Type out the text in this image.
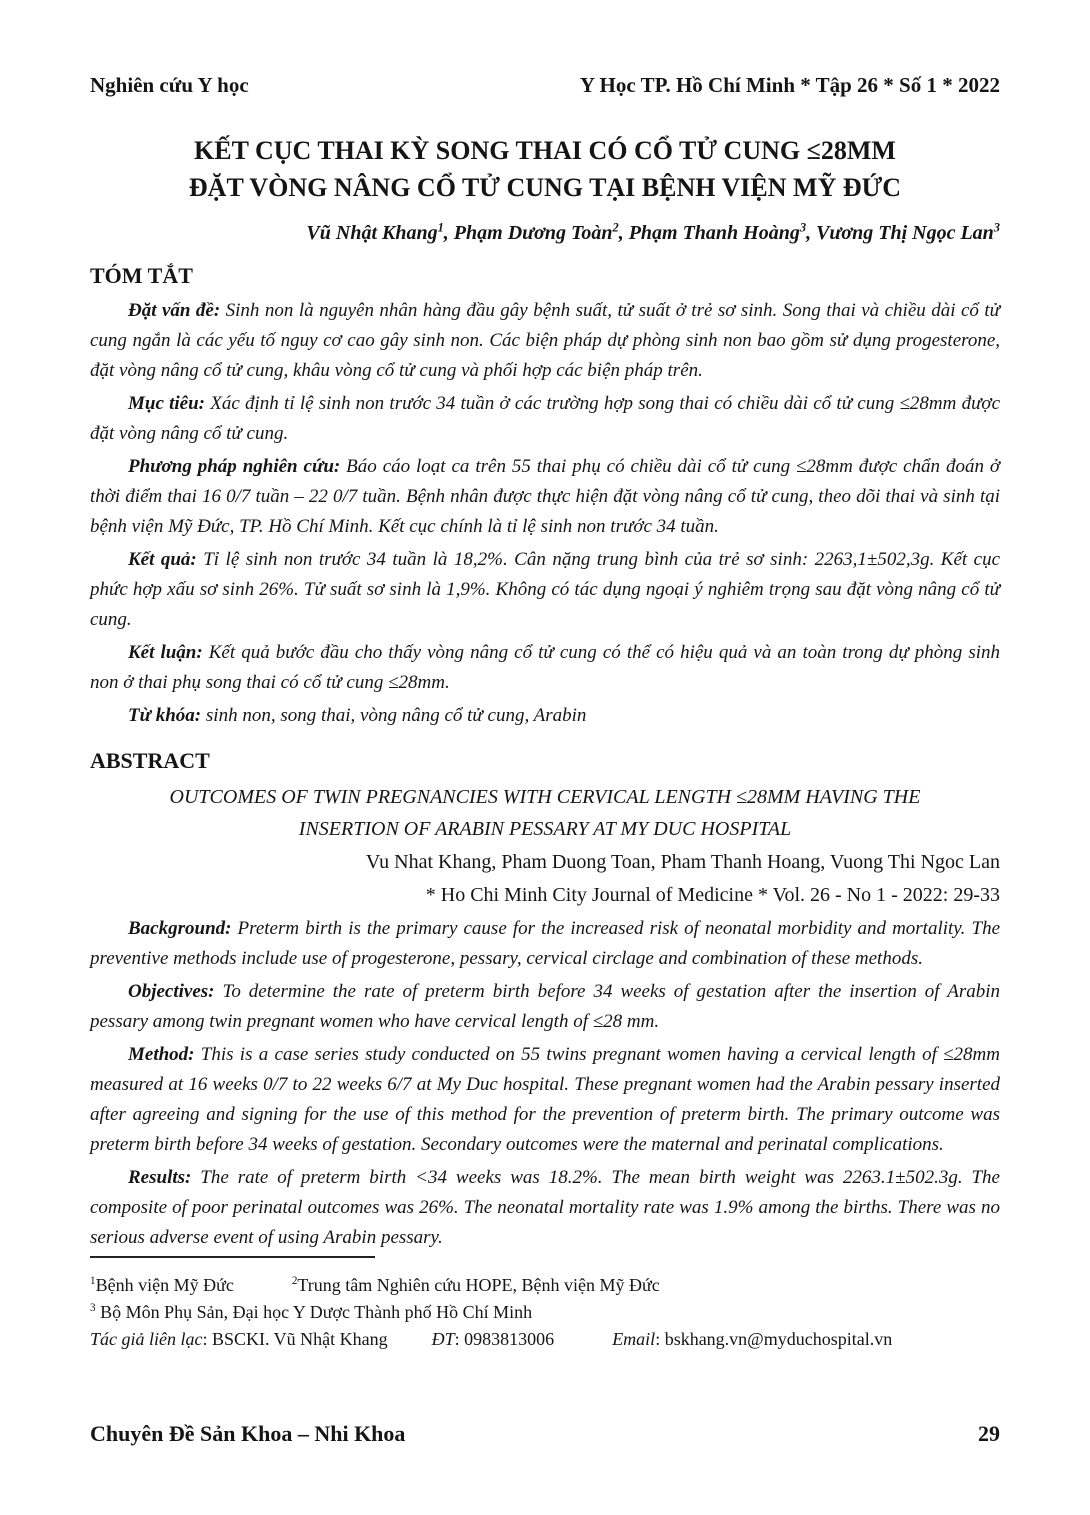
Nghiên cứu Y học	Y Học TP. Hồ Chí Minh * Tập 26 * Số 1 * 2022
KẾT CỤC THAI KỲ SONG THAI CÓ CỔ TỬ CUNG ≤28MM
ĐẶT VÒNG NÂNG CỔ TỬ CUNG TẠI BỆNH VIỆN MỸ ĐỨC

Vũ Nhật Khang$^1$, Phạm Dương Toàn$^2$, Phạm Thanh Hoàng$^3$, Vương Thị Ngọc Lan$^3$

TÓM TẮT

Đặt vấn đề: Sinh non là nguyên nhân hàng đầu gây bệnh suất, tử suất ở trẻ sơ sinh. Song thai và chiều dài cổ tử cung ngắn là các yếu tố nguy cơ cao gây sinh non. Các biện pháp dự phòng sinh non bao gồm sử dụng progesterone, đặt vòng nâng cổ tử cung, khâu vòng cổ tử cung và phối hợp các biện pháp trên.

Mục tiêu: Xác định tỉ lệ sinh non trước 34 tuần ở các trường hợp song thai có chiều dài cổ tử cung ≤28mm được đặt vòng nâng cổ tử cung.

Phương pháp nghiên cứu: Báo cáo loạt ca trên 55 thai phụ có chiều dài cổ tử cung ≤28mm được chẩn đoán ở thời điểm thai 16 0/7 tuần – 22 0/7 tuần. Bệnh nhân được thực hiện đặt vòng nâng cổ tử cung, theo dõi thai và sinh tại bệnh viện Mỹ Đức, TP. Hồ Chí Minh. Kết cục chính là tỉ lệ sinh non trước 34 tuần.

Kết quả: Tỉ lệ sinh non trước 34 tuần là 18,2%. Cân nặng trung bình của trẻ sơ sinh: 2263,1±502,3g. Kết cục phức hợp xấu sơ sinh 26%. Tử suất sơ sinh là 1,9%. Không có tác dụng ngoại ý nghiêm trọng sau đặt vòng nâng cổ tử cung.

Kết luận: Kết quả bước đầu cho thấy vòng nâng cổ tử cung có thể có hiệu quả và an toàn trong dự phòng sinh non ở thai phụ song thai có cổ tử cung ≤28mm.

Từ khóa: sinh non, song thai, vòng nâng cổ tử cung, Arabin

ABSTRACT
OUTCOMES OF TWIN PREGNANCIES WITH CERVICAL LENGTH ≤28MM HAVING THE
INSERTION OF ARABIN PESSARY AT MY DUC HOSPITAL

Vu Nhat Khang, Pham Duong Toan, Pham Thanh Hoang, Vuong Thi Ngoc Lan

* Ho Chi Minh City Journal of Medicine * Vol. 26 - No 1 - 2022: 29-33

Background: Preterm birth is the primary cause for the increased risk of neonatal morbidity and mortality. The preventive methods include use of progesterone, pessary, cervical circlage and combination of these methods.

Objectives: To determine the rate of preterm birth before 34 weeks of gestation after the insertion of Arabin pessary among twin pregnant women who have cervical length of ≤28 mm.

Method: This is a case series study conducted on 55 twins pregnant women having a cervical length of ≤28mm measured at 16 weeks 0/7 to 22 weeks 6/7 at My Duc hospital. These pregnant women had the Arabin pessary inserted after agreeing and signing for the use of this method for the prevention of preterm birth. The primary outcome was preterm birth before 34 weeks of gestation. Secondary outcomes were the maternal and perinatal complications.

Results: The rate of preterm birth <34 weeks was 18.2%. The mean birth weight was 2263.1±502.3g. The composite of poor perinatal outcomes was 26%. The neonatal mortality rate was 1.9% among the births. There was no serious adverse event of using Arabin pessary.

$^1$Bệnh viện Mỹ Đức	$^2$Trung tâm Nghiên cứu HOPE, Bệnh viện Mỹ Đức

$^3$ Bộ Môn Phụ Sản, Đại học Y Dược Thành phố Hồ Chí Minh

Tác giả liên lạc: BSCKI. Vũ Nhật Khang ĐT: 0983813006	Email: bskhang.vn@myduchospital.vn

Chuyên Đề Sản Khoa – Nhi Khoa	29
